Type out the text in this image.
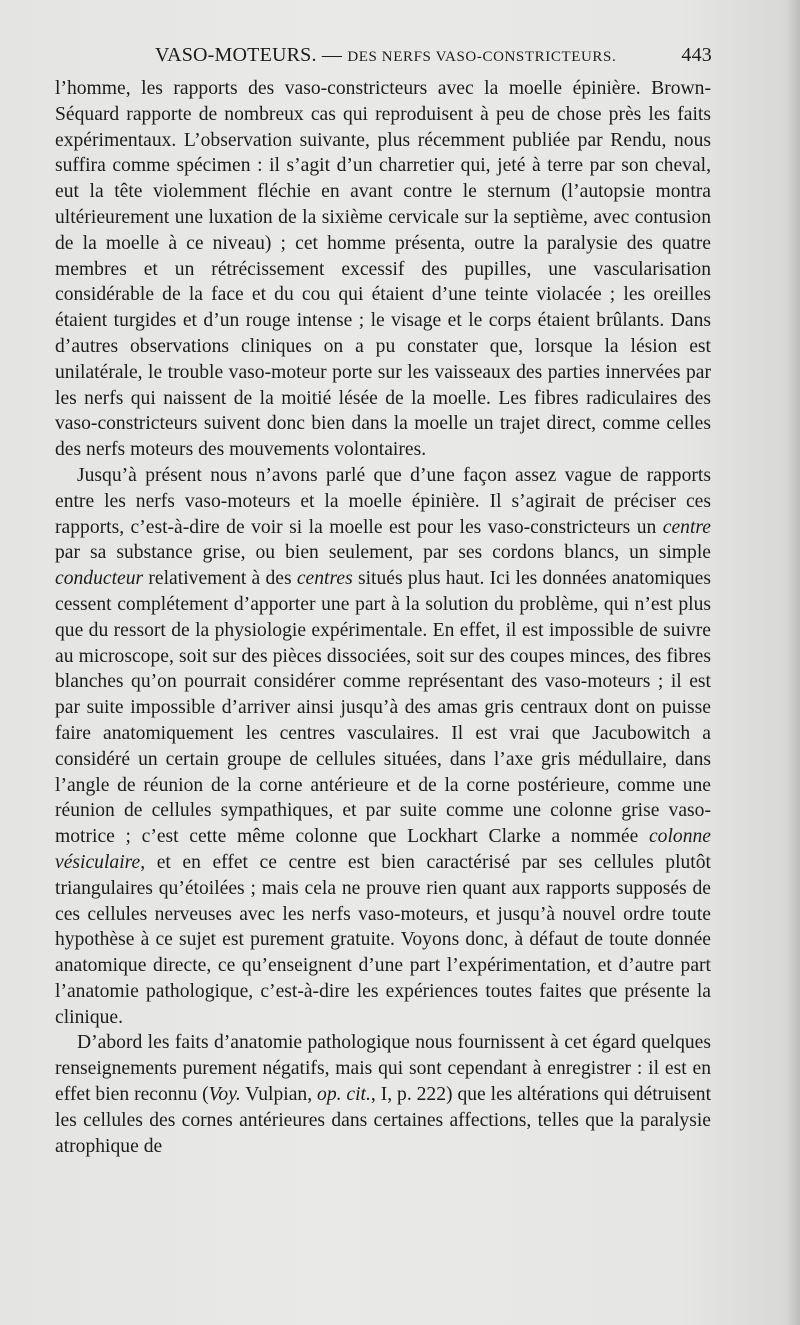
VASO-MOTEURS. — DES NERFS VASO-CONSTRICTEURS.	443

l’homme, les rapports des vaso-constricteurs avec la moelle épinière. Brown-Séquard rapporte de nombreux cas qui reproduisent à peu de chose près les faits expérimentaux. L’observation suivante, plus récemment publiée par Rendu, nous suffira comme spécimen : il s’agit d’un charretier qui, jeté à terre par son cheval, eut la tête violemment fléchie en avant contre le sternum (l’autopsie montra ultérieurement une luxation de la sixième cervicale sur la septième, avec contusion de la moelle à ce niveau) ; cet homme présenta, outre la paralysie des quatre membres et un rétrécissement excessif des pupilles, une vascularisation considérable de la face et du cou qui étaient d’une teinte violacée ; les oreilles étaient turgides et d’un rouge intense ; le visage et le corps étaient brûlants. Dans d’autres observations cliniques on a pu constater que, lorsque la lésion est unilatérale, le trouble vaso-moteur porte sur les vaisseaux des parties innervées par les nerfs qui naissent de la moitié lésée de la moelle. Les fibres radiculaires des vaso-constricteurs suivent donc bien dans la moelle un trajet direct, comme celles des nerfs moteurs des mouvements volontaires.

Jusqu’à présent nous n’avons parlé que d’une façon assez vague de rapports entre les nerfs vaso-moteurs et la moelle épinière. Il s’agirait de préciser ces rapports, c’est-à-dire de voir si la moelle est pour les vaso-constricteurs un centre par sa substance grise, ou bien seulement, par ses cordons blancs, un simple conducteur relativement à des centres situés plus haut. Ici les données anatomiques cessent complétement d’apporter une part à la solution du problème, qui n’est plus que du ressort de la physiologie expérimentale. En effet, il est impossible de suivre au microscope, soit sur des pièces dissociées, soit sur des coupes minces, des fibres blanches qu’on pourrait considérer comme représentant des vaso-moteurs ; il est par suite impossible d’arriver ainsi jusqu’à des amas gris centraux dont on puisse faire anatomiquement les centres vasculaires. Il est vrai que Jacubowitch a considéré un certain groupe de cellules situées, dans l’axe gris médullaire, dans l’angle de réunion de la corne antérieure et de la corne postérieure, comme une réunion de cellules sympathiques, et par suite comme une colonne grise vaso-motrice ; c’est cette même colonne que Lockhart Clarke a nommée colonne vésiculaire, et en effet ce centre est bien caractérisé par ses cellules plutôt triangulaires qu’étoilées ; mais cela ne prouve rien quant aux rapports supposés de ces cellules nerveuses avec les nerfs vaso-moteurs, et jusqu’à nouvel ordre toute hypothèse à ce sujet est purement gratuite. Voyons donc, à défaut de toute donnée anatomique directe, ce qu’enseignent d’une part l’expérimentation, et d’autre part l’anatomie pathologique, c’est-à-dire les expériences toutes faites que présente la clinique.

D’abord les faits d’anatomie pathologique nous fournissent à cet égard quelques renseignements purement négatifs, mais qui sont cependant à enregistrer : il est en effet bien reconnu (Voy. Vulpian, op. cit., I, p. 222) que les altérations qui détruisent les cellules des cornes antérieures dans certaines affections, telles que la paralysie atrophique de
